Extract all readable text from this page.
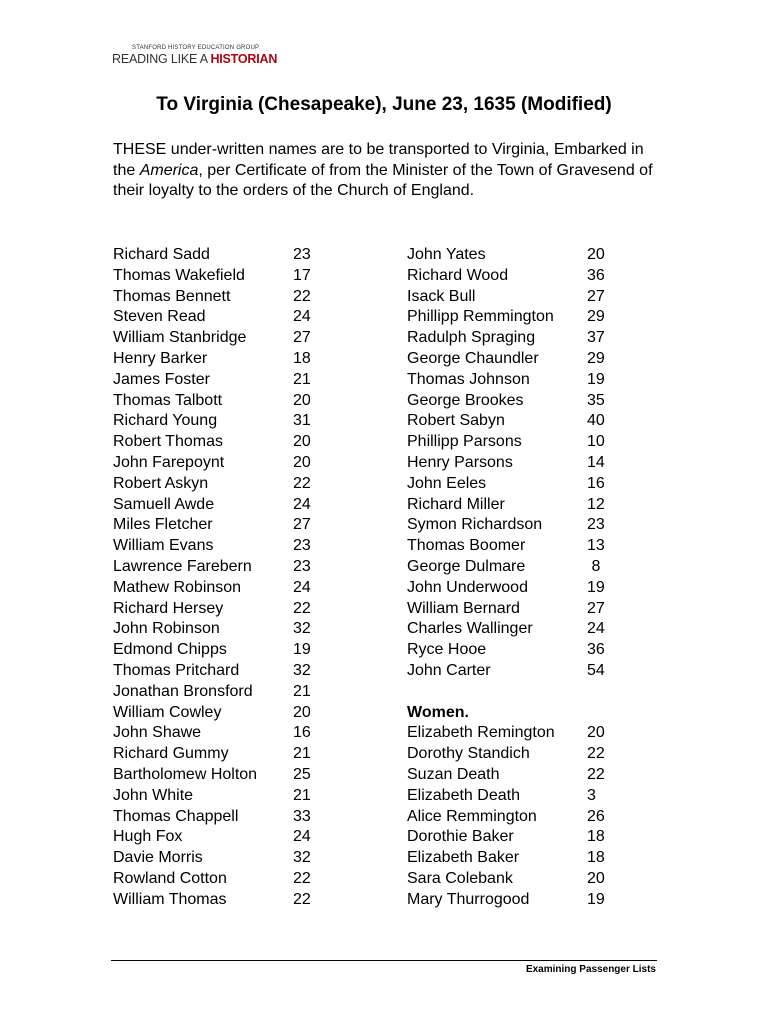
STANFORD HISTORY EDUCATION GROUP
READING LIKE A HISTORIAN
To Virginia (Chesapeake), June 23, 1635 (Modified)
THESE under-written names are to be transported to Virginia, Embarked in the America, per Certificate of from the Minister of the Town of Gravesend of their loyalty to the orders of the Church of England.
Richard Sadd	23
Thomas Wakefield	17
Thomas Bennett	22
Steven Read	24
William Stanbridge	27
Henry Barker	18
James Foster	21
Thomas Talbott	20
Richard Young	31
Robert Thomas	20
John Farepoynt	20
Robert Askyn	22
Samuell Awde	24
Miles Fletcher	27
William Evans	23
Lawrence Farebern	23
Mathew Robinson	24
Richard Hersey	22
John Robinson	32
Edmond Chipps	19
Thomas Pritchard	32
Jonathan Bronsford	21
William Cowley	20
John Shawe	16
Richard Gummy	21
Bartholomew Holton 25
John White	21
Thomas Chappell	33
Hugh Fox	24
Davie Morris	32
Rowland Cotton	22
William Thomas	22
John Yates	20
Richard Wood	36
Isack Bull	27
Phillipp Remmington 29
Radulph Spraging	37
George Chaundler	29
Thomas Johnson	19
George Brookes	35
Robert Sabyn	40
Phillipp Parsons	10
Henry Parsons	14
John Eeles	16
Richard Miller	12
Symon Richardson	23
Thomas Boomer	13
George Dulmare	8
John Underwood	19
William Bernard	27
Charles Wallinger	24
Ryce Hooe	36
John Carter	54
Women.
Elizabeth Remington 20
Dorothy Standich	22
Suzan Death	22
Elizabeth Death	3
Alice Remmington	26
Dorothie Baker	18
Elizabeth Baker	18
Sara Colebank	20
Mary Thurrogood	19
Examining Passenger Lists
